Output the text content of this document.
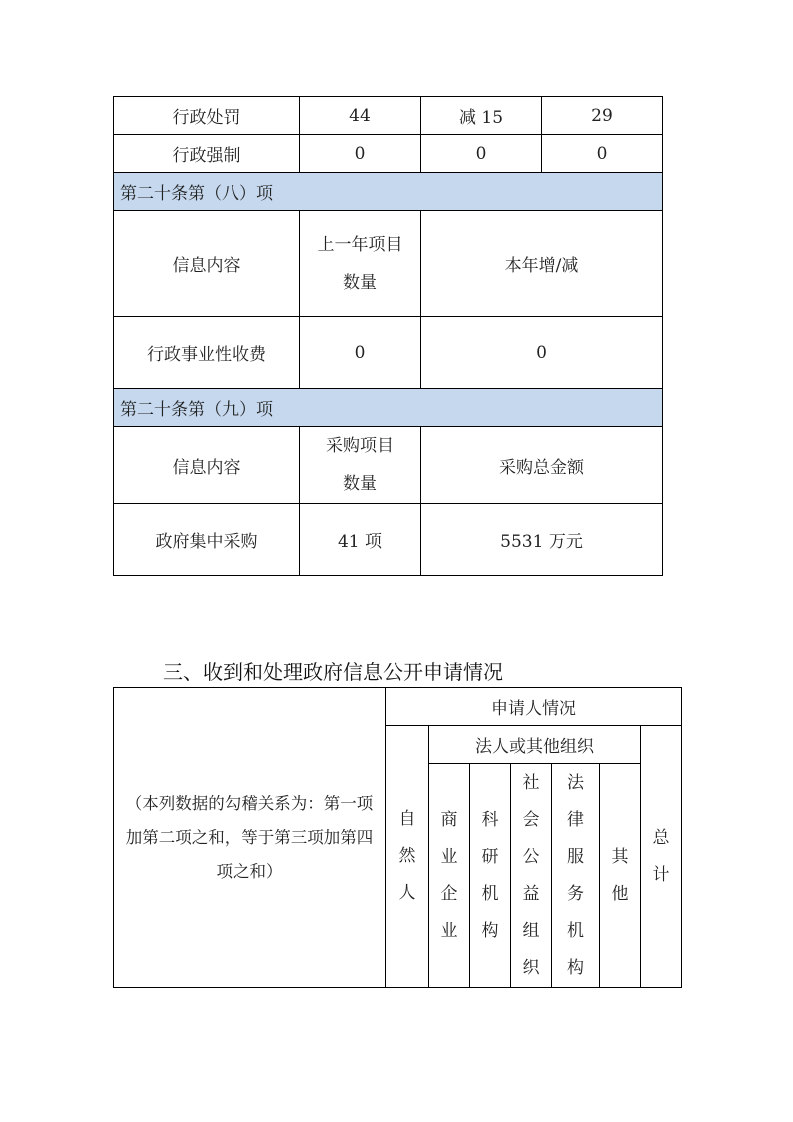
行政处罚	44	减 15	29
行政强制	0	0	0
第二十条第（八）项			
信息内容	上一年项目数量	本年增/减	
行政事业性收费	0	0	
第二十条第（九）项			
信息内容	采购项目数量	采购总金额	
政府集中采购	41 项	5531 万元	
三、收到和处理政府信息公开申请情况
（本列数据的勾稽关系为：第一项加第二项之和，等于第三项加第四项之和）	申请人情况						
	自然人	法人或其他组织					总计
		商业企业	科研机构	社会公益组织	法律服务机构	其他	
